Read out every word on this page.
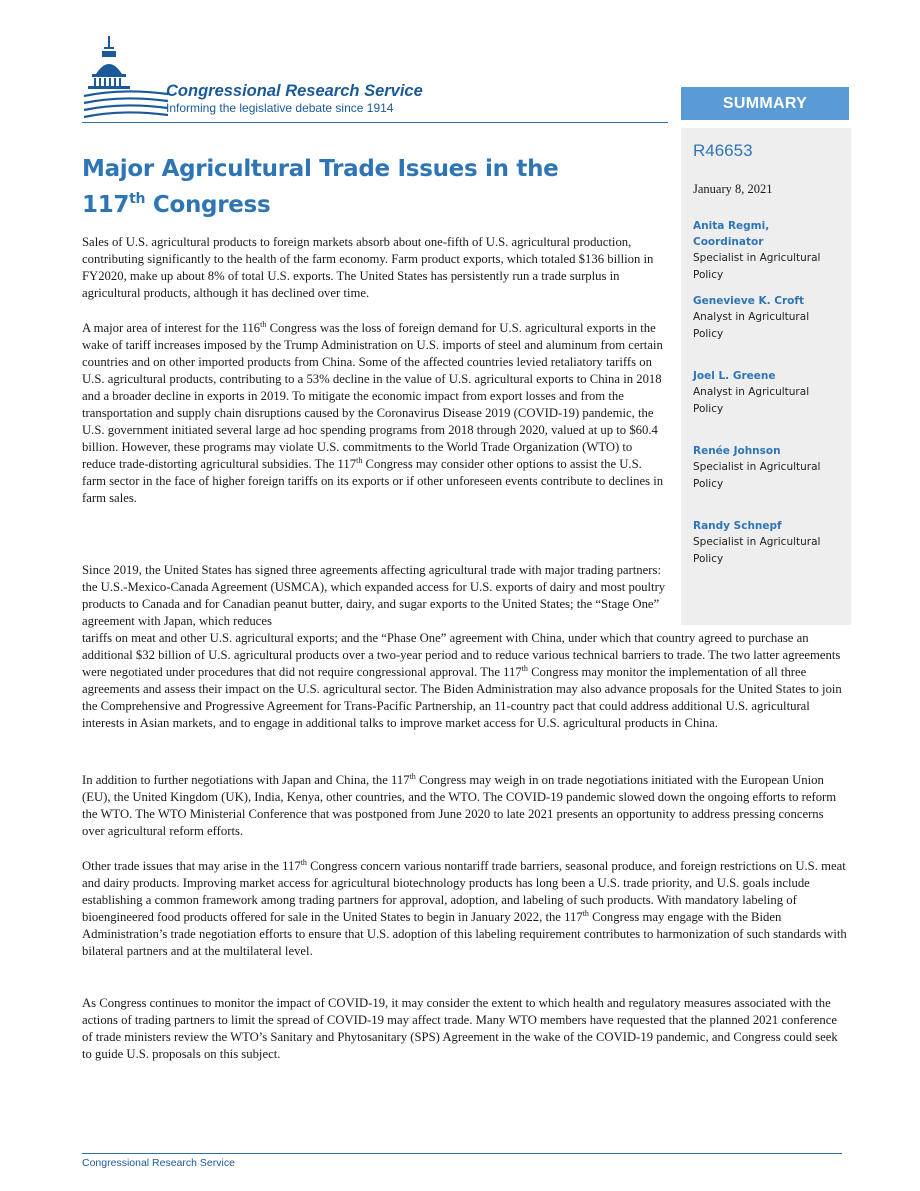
Congressional Research Service
Informing the legislative debate since 1914	SUMMARY
R46653
January 8, 2021
Anita Regmi, Coordinator
Specialist in Agricultural
Policy
Genevieve K. Croft
Analyst in Agricultural
Policy
Joel L. Greene
Analyst in Agricultural
Policy
Renée Johnson
Specialist in Agricultural
Policy
Randy Schnepf
Specialist in Agricultural
Policy
Major Agricultural Trade Issues in the
117th Congress

Sales of U.S. agricultural products to foreign markets absorb about one-fifth of U.S. agricultural production, contributing significantly to the health of the farm economy. Farm product exports, which totaled $136 billion in FY2020, make up about 8% of total U.S. exports. The United States has persistently run a trade surplus in agricultural products, although it has declined over time.

A major area of interest for the 116th Congress was the loss of foreign demand for U.S. agricultural exports in the wake of tariff increases imposed by the Trump Administration on U.S. imports of steel and aluminum from certain countries and on other imported products from China. Some of the affected countries levied retaliatory tariffs on U.S. agricultural products, contributing to a 53% decline in the value of U.S. agricultural exports to China in 2018 and a broader decline in exports in 2019. To mitigate the economic impact from export losses and from the transportation and supply chain disruptions caused by the Coronavirus Disease 2019 (COVID-19) pandemic, the U.S. government initiated several large ad hoc spending programs from 2018 through 2020, valued at up to $60.4 billion. However, these programs may violate U.S. commitments to the World Trade Organization (WTO) to reduce trade-distorting agricultural subsidies. The 117th Congress may consider other options to assist the U.S. farm sector in the face of higher foreign tariffs on its exports or if other unforeseen events contribute to declines in farm sales.

Since 2019, the United States has signed three agreements affecting agricultural trade with major trading partners: the U.S.-Mexico-Canada Agreement (USMCA), which expanded access for U.S. exports of dairy and most poultry products to Canada and for Canadian peanut butter, dairy, and sugar exports to the United States; the “Stage One” agreement with Japan, which reduces

tariffs on meat and other U.S. agricultural exports; and the “Phase One” agreement with China, under which that country agreed to purchase an additional $32 billion of U.S. agricultural products over a two-year period and to reduce various technical barriers to trade. The two latter agreements were negotiated under procedures that did not require congressional approval. The 117th Congress may monitor the implementation of all three agreements and assess their impact on the U.S. agricultural sector. The Biden Administration may also advance proposals for the United States to join the Comprehensive and Progressive Agreement for Trans-Pacific Partnership, an 11-country pact that could address additional U.S. agricultural interests in Asian markets, and to engage in additional talks to improve market access for U.S. agricultural products in China.

In addition to further negotiations with Japan and China, the 117th Congress may weigh in on trade negotiations initiated with the European Union (EU), the United Kingdom (UK), India, Kenya, other countries, and the WTO. The COVID-19 pandemic slowed down the ongoing efforts to reform the WTO. The WTO Ministerial Conference that was postponed from June 2020 to late 2021 presents an opportunity to address pressing concerns over agricultural reform efforts.

Other trade issues that may arise in the 117th Congress concern various nontariff trade barriers, seasonal produce, and foreign restrictions on U.S. meat and dairy products. Improving market access for agricultural biotechnology products has long been a U.S. trade priority, and U.S. goals include establishing a common framework among trading partners for approval, adoption, and labeling of such products. With mandatory labeling of bioengineered food products offered for sale in the United States to begin in January 2022, the 117th Congress may engage with the Biden Administration’s trade negotiation efforts to ensure that U.S. adoption of this labeling requirement contributes to harmonization of such standards with bilateral partners and at the multilateral level.

As Congress continues to monitor the impact of COVID-19, it may consider the extent to which health and regulatory measures associated with the actions of trading partners to limit the spread of COVID-19 may affect trade. Many WTO members have requested that the planned 2021 conference of trade ministers review the WTO’s Sanitary and Phytosanitary (SPS) Agreement in the wake of the COVID-19 pandemic, and Congress could seek to guide U.S. proposals on this subject.

Congressional Research Service
